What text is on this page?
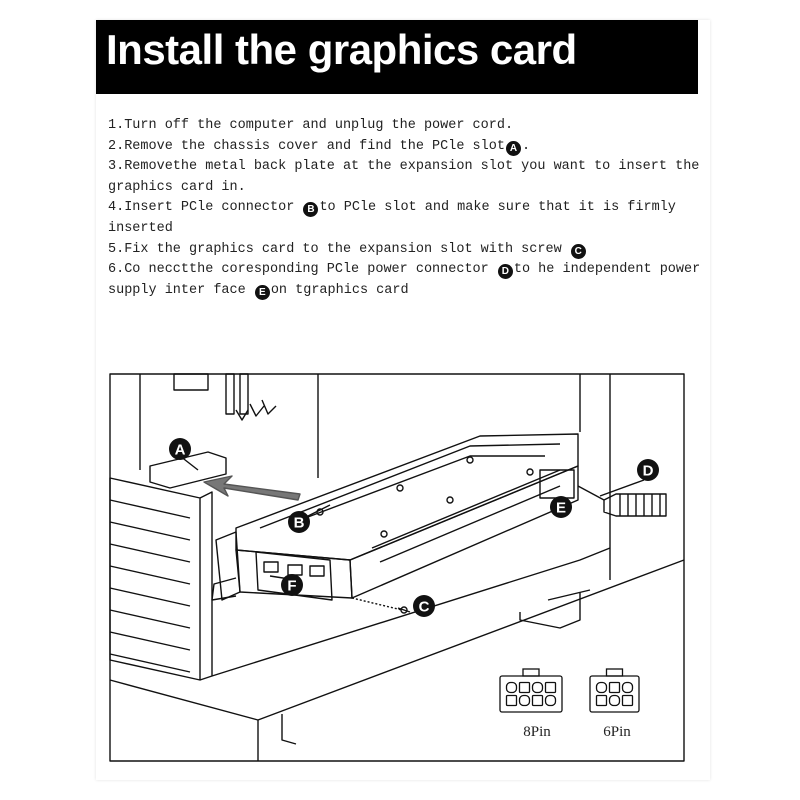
Install the graphics card
1.Turn off the computer and unplug the power cord.
2.Remove the chassis cover and find the PCle slot A .
3.Removethe metal back plate at the expansion slot you want to insert the
graphics card in.
4.Insert PCle connector B to PCle slot and make sure that it is firmly
inserted
5.Fix the graphics card to the expansion slot with screw C
6.Co necctthe coresponding PCle power connector D to he independent power
supply inter face E on tgraphics card
A
B
C
D
E
F
8Pin	6Pin
